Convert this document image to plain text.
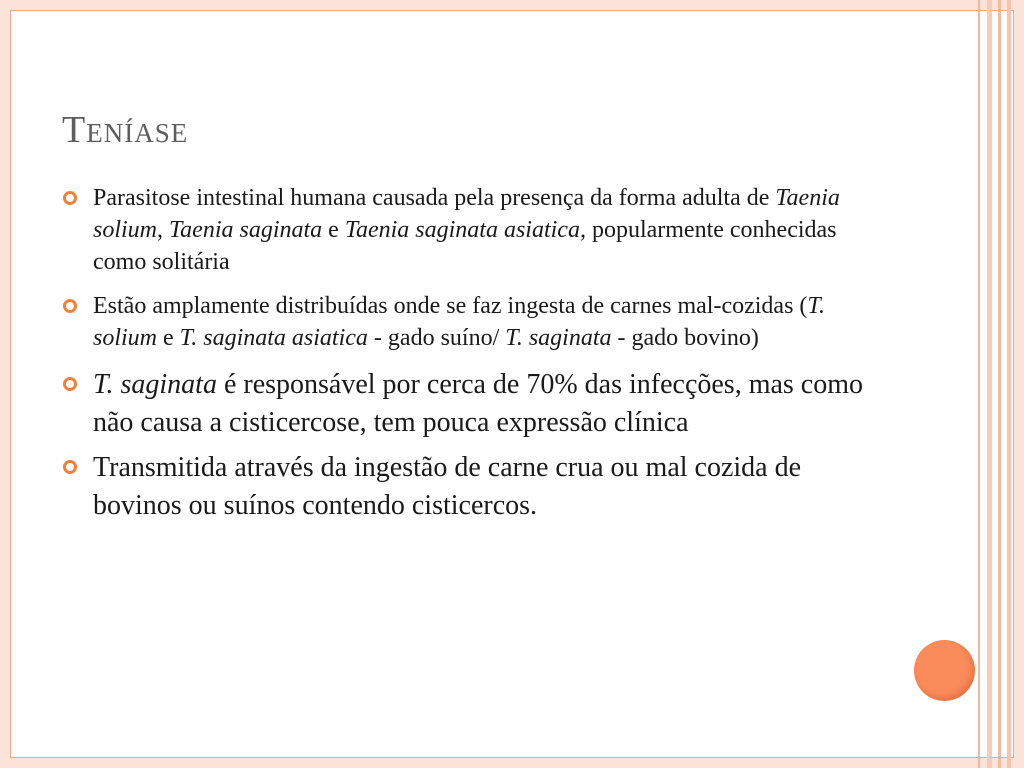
Teníase
Parasitose intestinal humana causada pela presença da forma adulta de Taenia solium, Taenia saginata e Taenia saginata asiatica, popularmente conhecidas como solitária
Estão amplamente distribuídas onde se faz ingesta de carnes mal-cozidas (T. solium e T. saginata asiatica - gado suíno/ T. saginata - gado bovino)
T. saginata é responsável por cerca de 70% das infecções, mas como não causa a cisticercose, tem pouca expressão clínica
Transmitida através da ingestão de carne crua ou mal cozida de bovinos ou suínos contendo cisticercos.
